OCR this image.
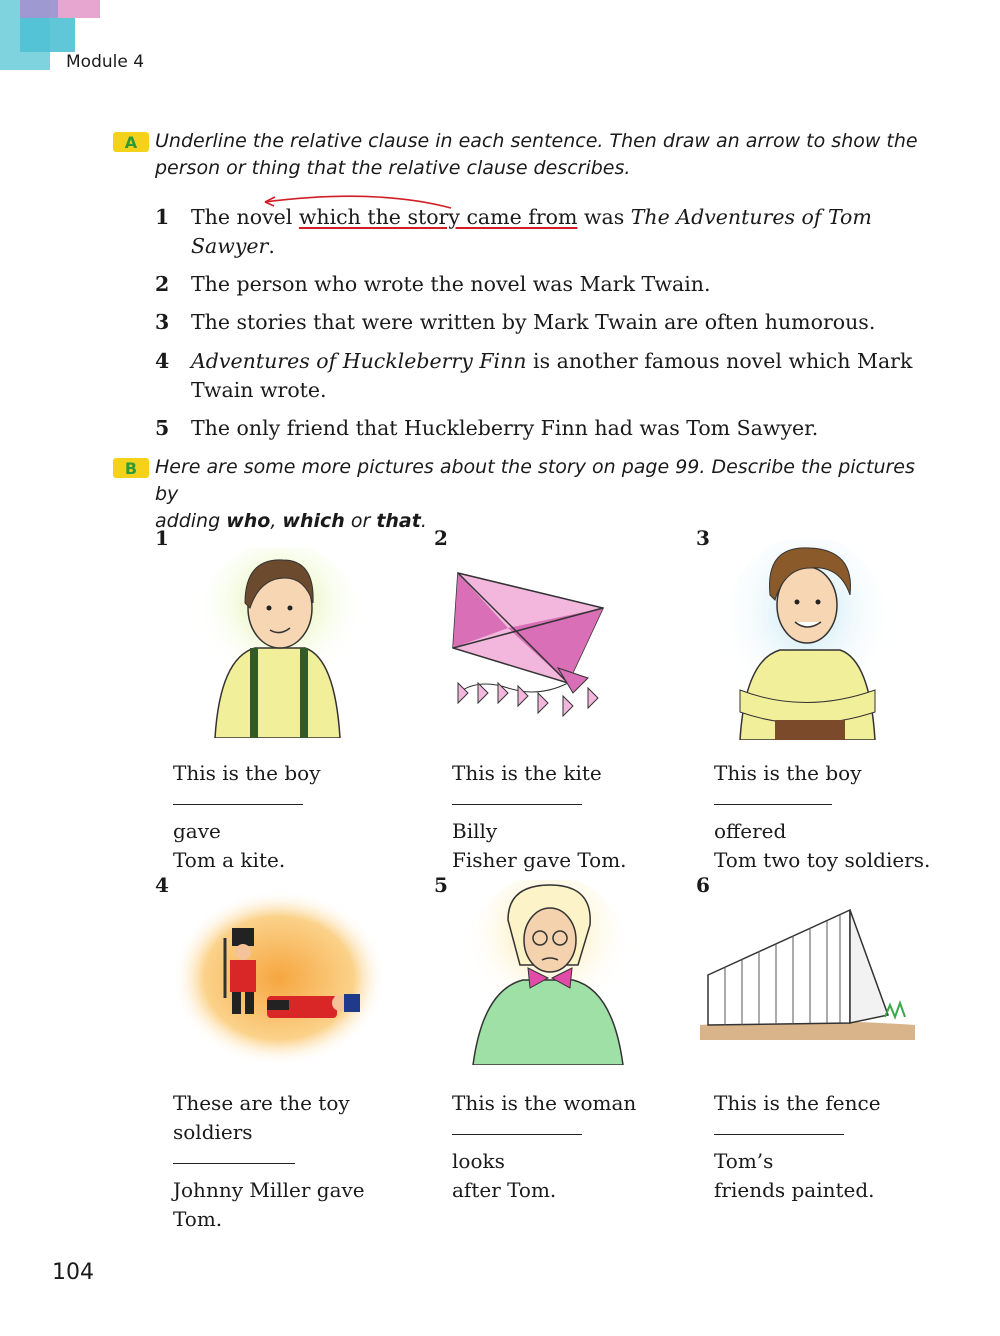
Module 4
A Underline the relative clause in each sentence. Then draw an arrow to show the
person or thing that the relative clause describes.
1 The novel which the story came from was The Adventures of Tom
Sawyer.
2 The person who wrote the novel was Mark Twain.
3 The stories that were written by Mark Twain are often humorous.
4 Adventures of Huckleberry Finn is another famous novel which Mark
Twain wrote.
5 The only friend that Huckleberry Finn had was Tom Sawyer.
B Here are some more pictures about the story on page 99. Describe the pictures by
adding who, which or that.
1	2	3
4	5	6
This is the boy
gave
Tom a kite.
This is the kite
Billy
Fisher gave Tom.
This is the boy
offered
Tom two toy soldiers.
These are the toy
soldiers
Johnny Miller gave
Tom.
This is the woman
looks
after Tom.
This is the fence
Tom’s
friends painted.
104
